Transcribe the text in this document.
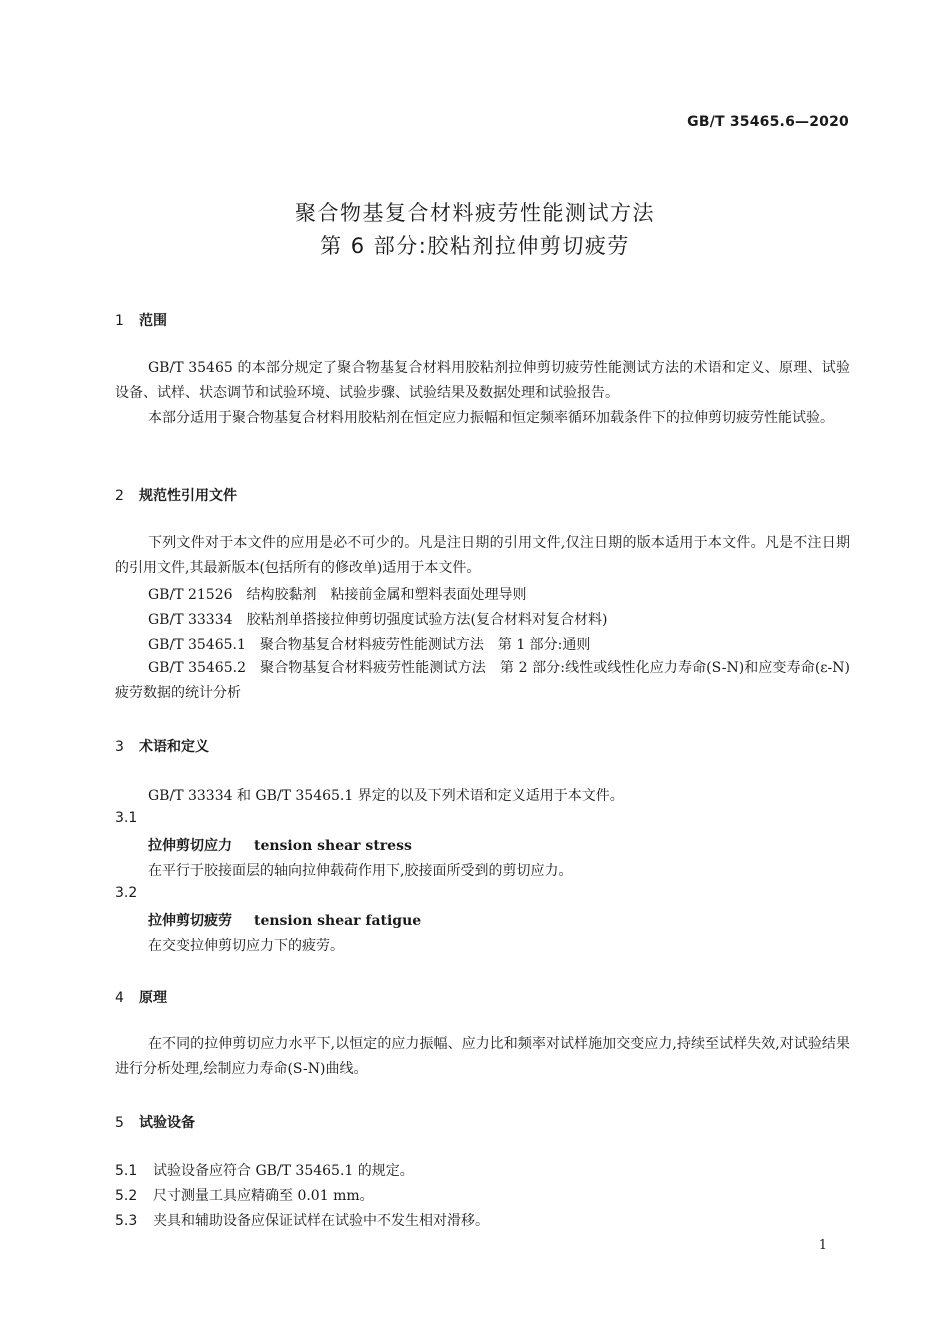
GB/T 35465.6—2020
聚合物基复合材料疲劳性能测试方法
第 6 部分:胶粘剂拉伸剪切疲劳
1 范围
GB/T 35465 的本部分规定了聚合物基复合材料用胶粘剂拉伸剪切疲劳性能测试方法的术语和定义、原理、试验设备、试样、状态调节和试验环境、试验步骤、试验结果及数据处理和试验报告。
本部分适用于聚合物基复合材料用胶粘剂在恒定应力振幅和恒定频率循环加载条件下的拉伸剪切疲劳性能试验。
2 规范性引用文件
下列文件对于本文件的应用是必不可少的。凡是注日期的引用文件,仅注日期的版本适用于本文件。凡是不注日期的引用文件,其最新版本(包括所有的修改单)适用于本文件。
GB/T 21526 结构胶黏剂　粘接前金属和塑料表面处理导则
GB/T 33334 胶粘剂单搭接拉伸剪切强度试验方法(复合材料对复合材料)
GB/T 35465.1 聚合物基复合材料疲劳性能测试方法　第 1 部分:通则
GB/T 35465.2 聚合物基复合材料疲劳性能测试方法　第 2 部分:线性或线性化应力寿命(S-N)和应变寿命(ε-N)疲劳数据的统计分析
3 术语和定义
GB/T 33334 和 GB/T 35465.1 界定的以及下列术语和定义适用于本文件。
3.1
拉伸剪切应力 tension shear stress
在平行于胶接面层的轴向拉伸载荷作用下,胶接面所受到的剪切应力。
3.2
拉伸剪切疲劳 tension shear fatigue
在交变拉伸剪切应力下的疲劳。
4 原理
在不同的拉伸剪切应力水平下,以恒定的应力振幅、应力比和频率对试样施加交变应力,持续至试样失效,对试验结果进行分析处理,绘制应力寿命(S-N)曲线。
5 试验设备
5.1 试验设备应符合 GB/T 35465.1 的规定。
5.2 尺寸测量工具应精确至 0.01 mm。
5.3 夹具和辅助设备应保证试样在试验中不发生相对滑移。
1
